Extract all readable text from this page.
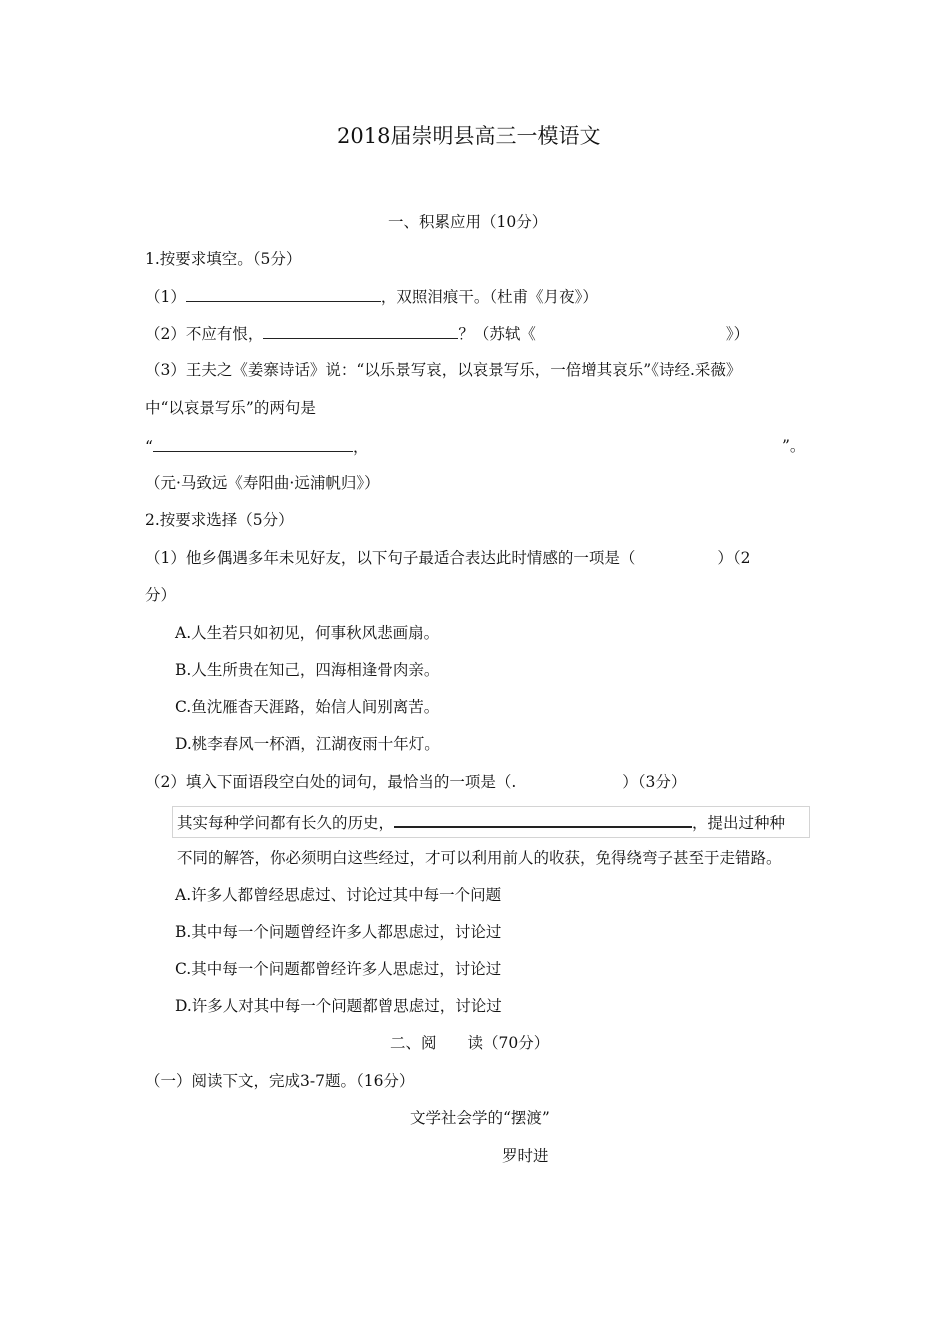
2018届崇明县高三一模语文
一、积累应用（10分）
1.按要求填空。（5分）
（1）	，双照泪痕干。（杜甫《月夜》）
（2）不应有恨，	？（苏轼《	》）
（3）王夫之《姜寨诗话》说：“以乐景写哀，以哀景写乐，一倍增其哀乐”《诗经.采薇》
中“以哀景写乐”的两句是
“	，	”。
（元·马致远《寿阳曲·远浦帆归》）
2.按要求选择（5分）
（1）他乡偶遇多年未见好友，以下句子最适合表达此时情感的一项是（	）（2
分）
A.人生若只如初见，何事秋风悲画扇。
B.人生所贵在知己，四海相逢骨肉亲。
C.鱼沈雁杳天涯路，始信人间别离苦。
D.桃李春风一杯酒，江湖夜雨十年灯。
（2）填入下面语段空白处的词句，最恰当的一项是（.	）（3分）
其实每种学问都有长久的历史，	，提出过种种
不同的解答，你必须明白这些经过，才可以利用前人的收获，免得绕弯子甚至于走错路。
A.许多人都曾经思虑过、讨论过其中每一个问题
B.其中每一个问题曾经许多人都思虑过，讨论过
C.其中每一个问题都曾经许多人思虑过，讨论过
D.许多人对其中每一个问题都曾思虑过，讨论过
二、阅　　读（70分）
（一）阅读下文，完成3-7题。（16分）
文学社会学的“摆渡”
罗时进
